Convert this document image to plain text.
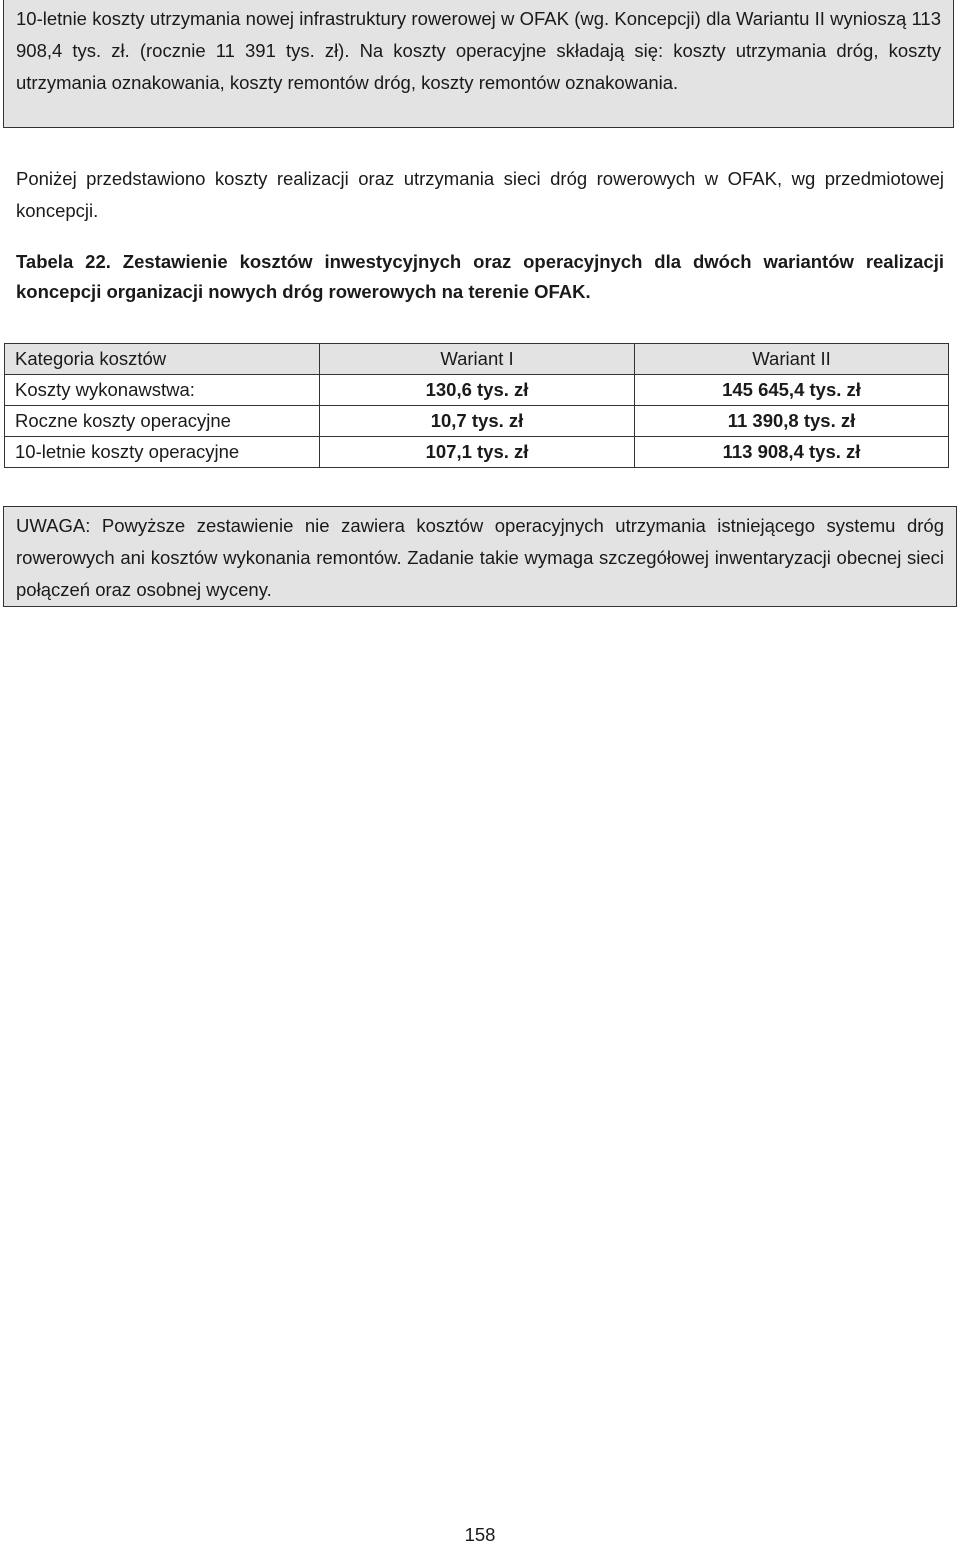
10-letnie koszty utrzymania nowej infrastruktury rowerowej w OFAK (wg. Koncepcji) dla Wariantu II wynioszą 113 908,4 tys. zł. (rocznie 11 391 tys. zł). Na koszty operacyjne składają się: koszty utrzymania dróg, koszty utrzymania oznakowania, koszty remontów dróg, koszty remontów oznakowania.

Poniżej przedstawiono koszty realizacji oraz utrzymania sieci dróg rowerowych w OFAK, wg przedmiotowej koncepcji.

Tabela 22. Zestawienie kosztów inwestycyjnych oraz operacyjnych dla dwóch wariantów realizacji koncepcji organizacji nowych dróg rowerowych na terenie OFAK.

Kategoria kosztów	Wariant I	Wariant II
Koszty wykonawstwa:	130,6 tys. zł	145 645,4 tys. zł
Roczne koszty operacyjne	10,7 tys. zł	11 390,8 tys. zł
10-letnie koszty operacyjne	107,1 tys. zł	113 908,4 tys. zł
UWAGA: Powyższe zestawienie nie zawiera kosztów operacyjnych utrzymania istniejącego systemu dróg rowerowych ani kosztów wykonania remontów. Zadanie takie wymaga szczegółowej inwentaryzacji obecnej sieci połączeń oraz osobnej wyceny.
158
